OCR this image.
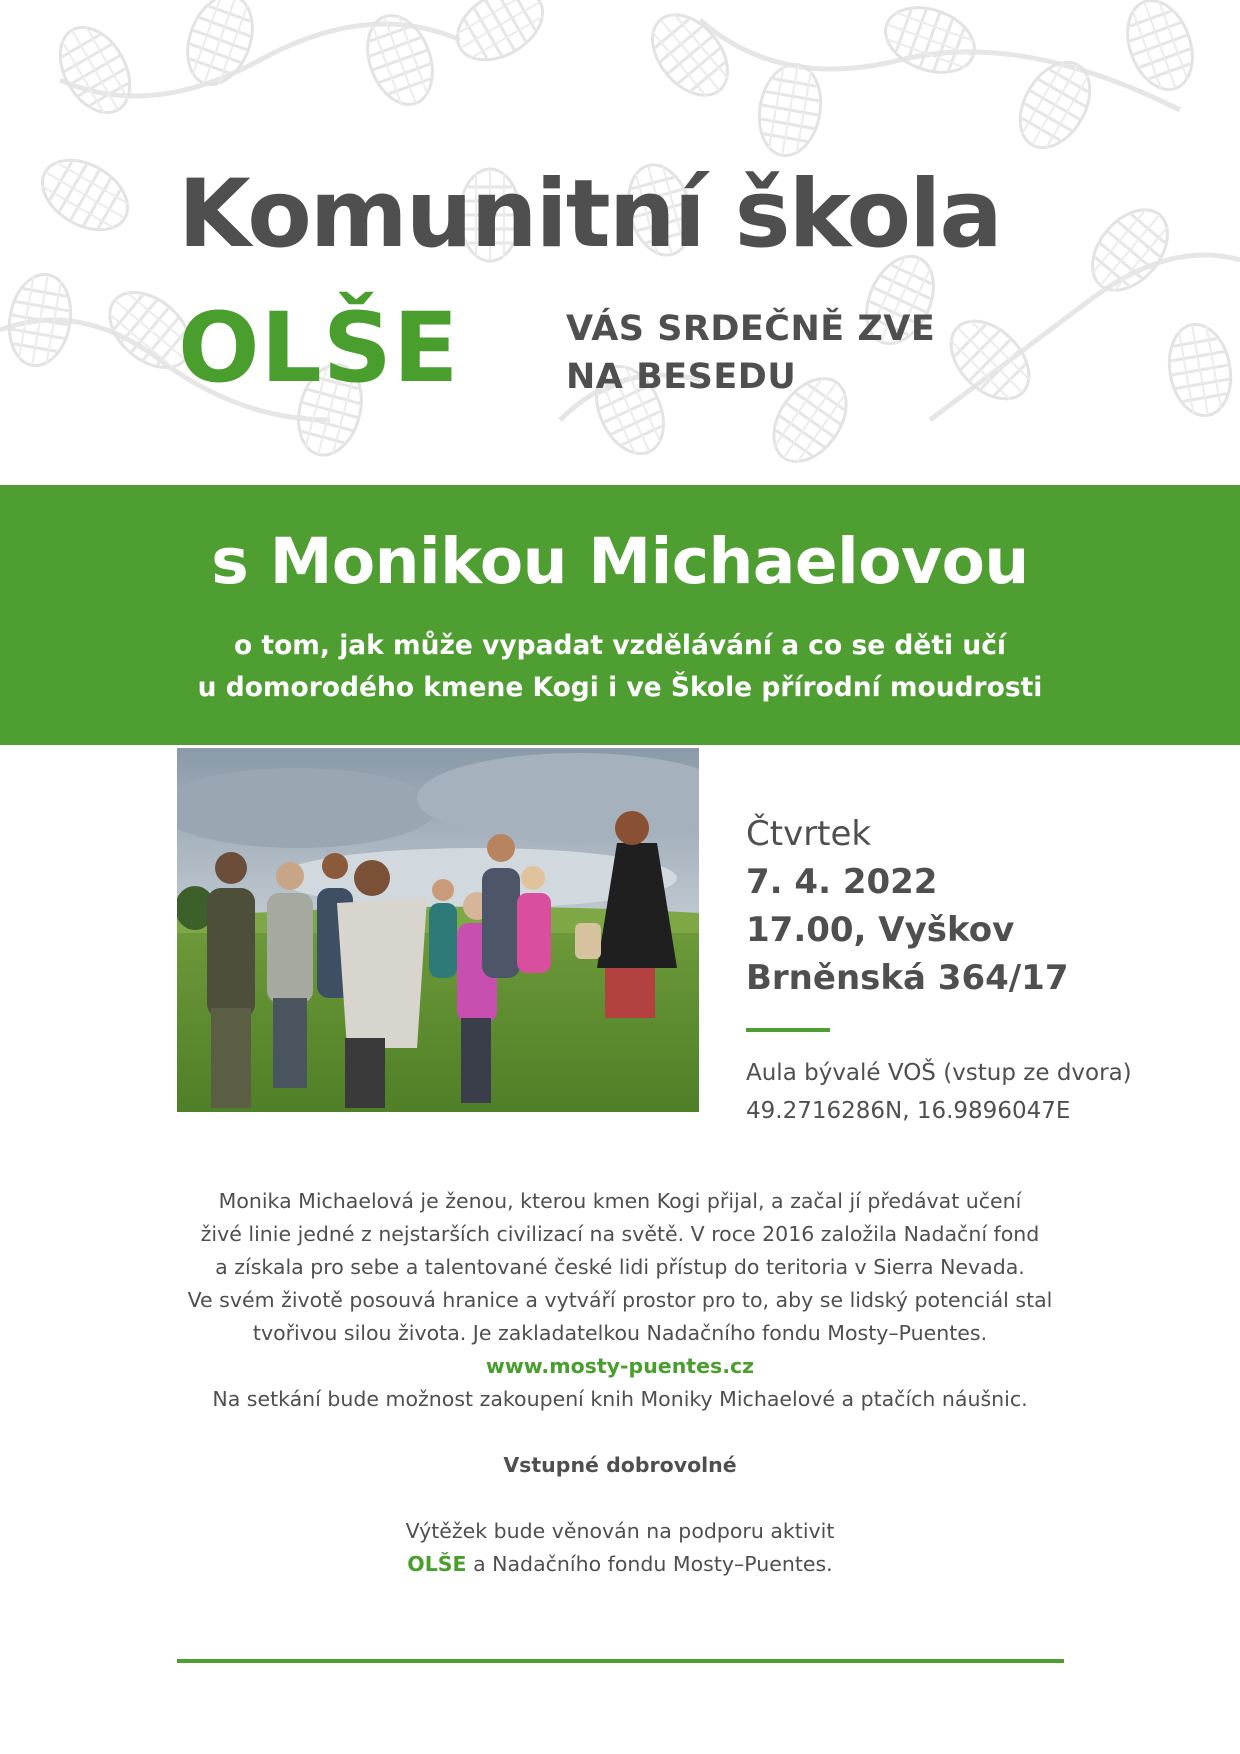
Komunitní škola
OLŠE	VÁS SRDEČNĚ ZVE
NA BESEDU
s Monikou Michaelovou
o tom, jak může vypadat vzdělávání a co se děti učí
u domorodého kmene Kogi i ve Škole přírodní moudrosti
Čtvrtek
7. 4. 2022
17.00, Vyškov
Brněnská 364/17
Aula bývalé VOŠ (vstup ze dvora)
49.2716286N, 16.9896047E
Monika Michaelová je ženou, kterou kmen Kogi přijal, a začal jí předávat učení
živé linie jedné z nejstarších civilizací na světě. V roce 2016 založila Nadační fond
a získala pro sebe a talentované české lidi přístup do teritoria v Sierra Nevada.
Ve svém životě posouvá hranice a vytváří prostor pro to, aby se lidský potenciál stal
tvořivou silou života. Je zakladatelkou Nadačního fondu Mosty–Puentes.
www.mosty-puentes.cz
Na setkání bude možnost zakoupení knih Moniky Michaelové a ptačích náušnic.
Vstupné dobrovolné
Výtěžek bude věnován na podporu aktivit
OLŠE a Nadačního fondu Mosty–Puentes.
